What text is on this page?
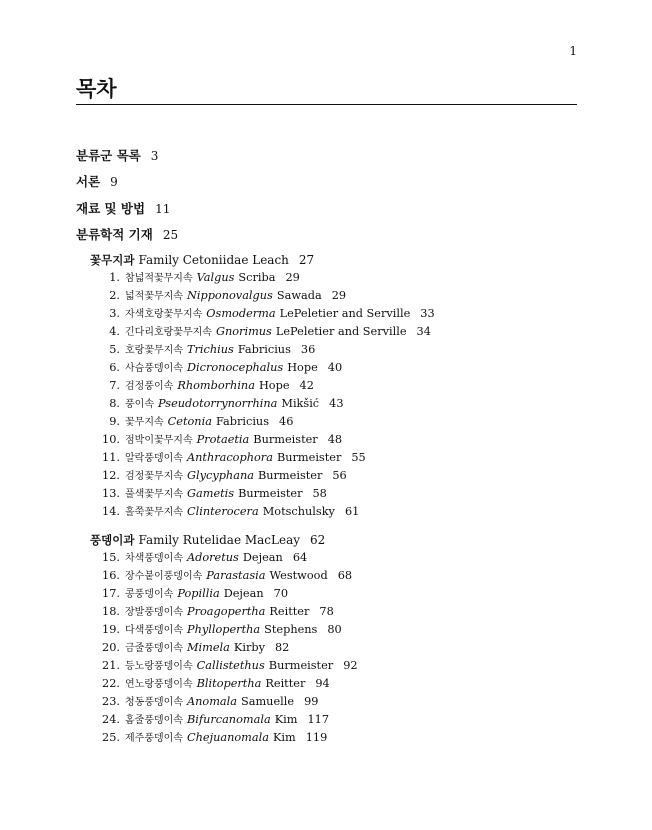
1
목차
분류군 목록 3
서론 9
재료 및 방법 11
분류학적 기재 25
꽃무지과 Family Cetoniidae Leach 27
1. 참넓적꽃무지속 Valgus Scriba 29
2. 넓적꽃무지속 Nipponovalgus Sawada 29
3. 자색호랑꽃무지속 Osmoderma LePeletier and Serville 33
4. 긴다리호랑꽃무지속 Gnorimus LePeletier and Serville 34
5. 호랑꽃무지속 Trichius Fabricius 36
6. 사슴풍뎅이속 Dicronocephalus Hope 40
7. 검정풍이속 Rhomborhina Hope 42
8. 풍이속 Pseudotorrynorrhina Mikšić 43
9. 꽃무지속 Cetonia Fabricius 46
10. 점박이꽃무지속 Protaetia Burmeister 48
11. 알락풍뎅이속 Anthracophora Burmeister 55
12. 검정꽃무지속 Glycyphana Burmeister 56
13. 풀색꽃무지속 Gametis Burmeister 58
14. 홀쭉꽃무지속 Clinterocera Motschulsky 61
풍뎅이과 Family Rutelidae MacLeay 62
15. 차색풍뎅이속 Adoretus Dejean 64
16. 장수붙이풍뎅이속 Parastasia Westwood 68
17. 콩풍뎅이속 Popillia Dejean 70
18. 장발풍뎅이속 Proagopertha Reitter 78
19. 다색풍뎅이속 Phyllopertha Stephens 80
20. 금줄풍뎅이속 Mimela Kirby 82
21. 등노랑풍뎅이속 Callistethus Burmeister 92
22. 연노랑풍뎅이속 Blitopertha Reitter 94
23. 청동풍뎅이속 Anomala Samuelle 99
24. 홈줄풍뎅이속 Bifurcanomala Kim 117
25. 제주풍뎅이속 Chejuanomala Kim 119
